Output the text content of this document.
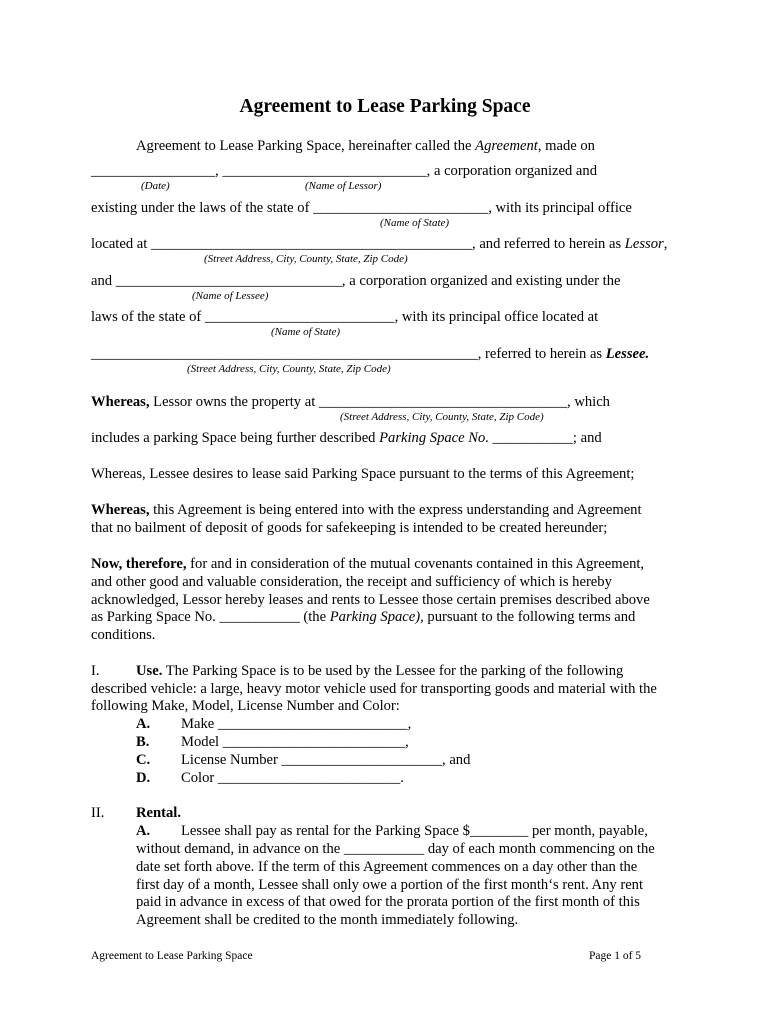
Agreement to Lease Parking Space
Agreement to Lease Parking Space, hereinafter called the Agreement, made on
_________________, ____________________________, a corporation organized and
(Date)	(Name of Lessor)
existing under the laws of the state of ________________________, with its principal office
(Name of State)
located at ____________________________________________, and referred to herein as Lessor,
(Street Address, City, County, State, Zip Code)
and _______________________________, a corporation organized and existing under the
(Name of Lessee)
laws of the state of __________________________, with its principal office located at
(Name of State)
_____________________________________________________, referred to herein as Lessee.
(Street Address, City, County, State, Zip Code)
Whereas, Lessor owns the property at __________________________________, which
(Street Address, City, County, State, Zip Code)
includes a parking Space being further described Parking Space No. ___________; and
Whereas, Lessee desires to lease said Parking Space pursuant to the terms of this Agreement;
Whereas, this Agreement is being entered into with the express understanding and Agreement
that no bailment of deposit of goods for safekeeping is intended to be created hereunder;
Now, therefore, for and in consideration of the mutual covenants contained in this Agreement,
and other good and valuable consideration, the receipt and sufficiency of which is hereby
acknowledged, Lessor hereby leases and rents to Lessee those certain premises described above
as Parking Space No. ___________ (the Parking Space), pursuant to the following terms and
conditions.
I. Use. The Parking Space is to be used by the Lessee for the parking of the following
described vehicle: a large, heavy motor vehicle used for transporting goods and material with the
following Make, Model, License Number and Color:
A. Make __________________________,
B. Model _________________________,
C. License Number ______________________, and
D. Color _________________________.
II. Rental.
A. Lessee shall pay as rental for the Parking Space $________ per month, payable,
without demand, in advance on the ___________ day of each month commencing on the
date set forth above. If the term of this Agreement commences on a day other than the
first day of a month, Lessee shall only owe a portion of the first month‘s rent. Any rent
paid in advance in excess of that owed for the prorata portion of the first month of this
Agreement shall be credited to the month immediately following.
Agreement to Lease Parking Space	Page 1 of 5
